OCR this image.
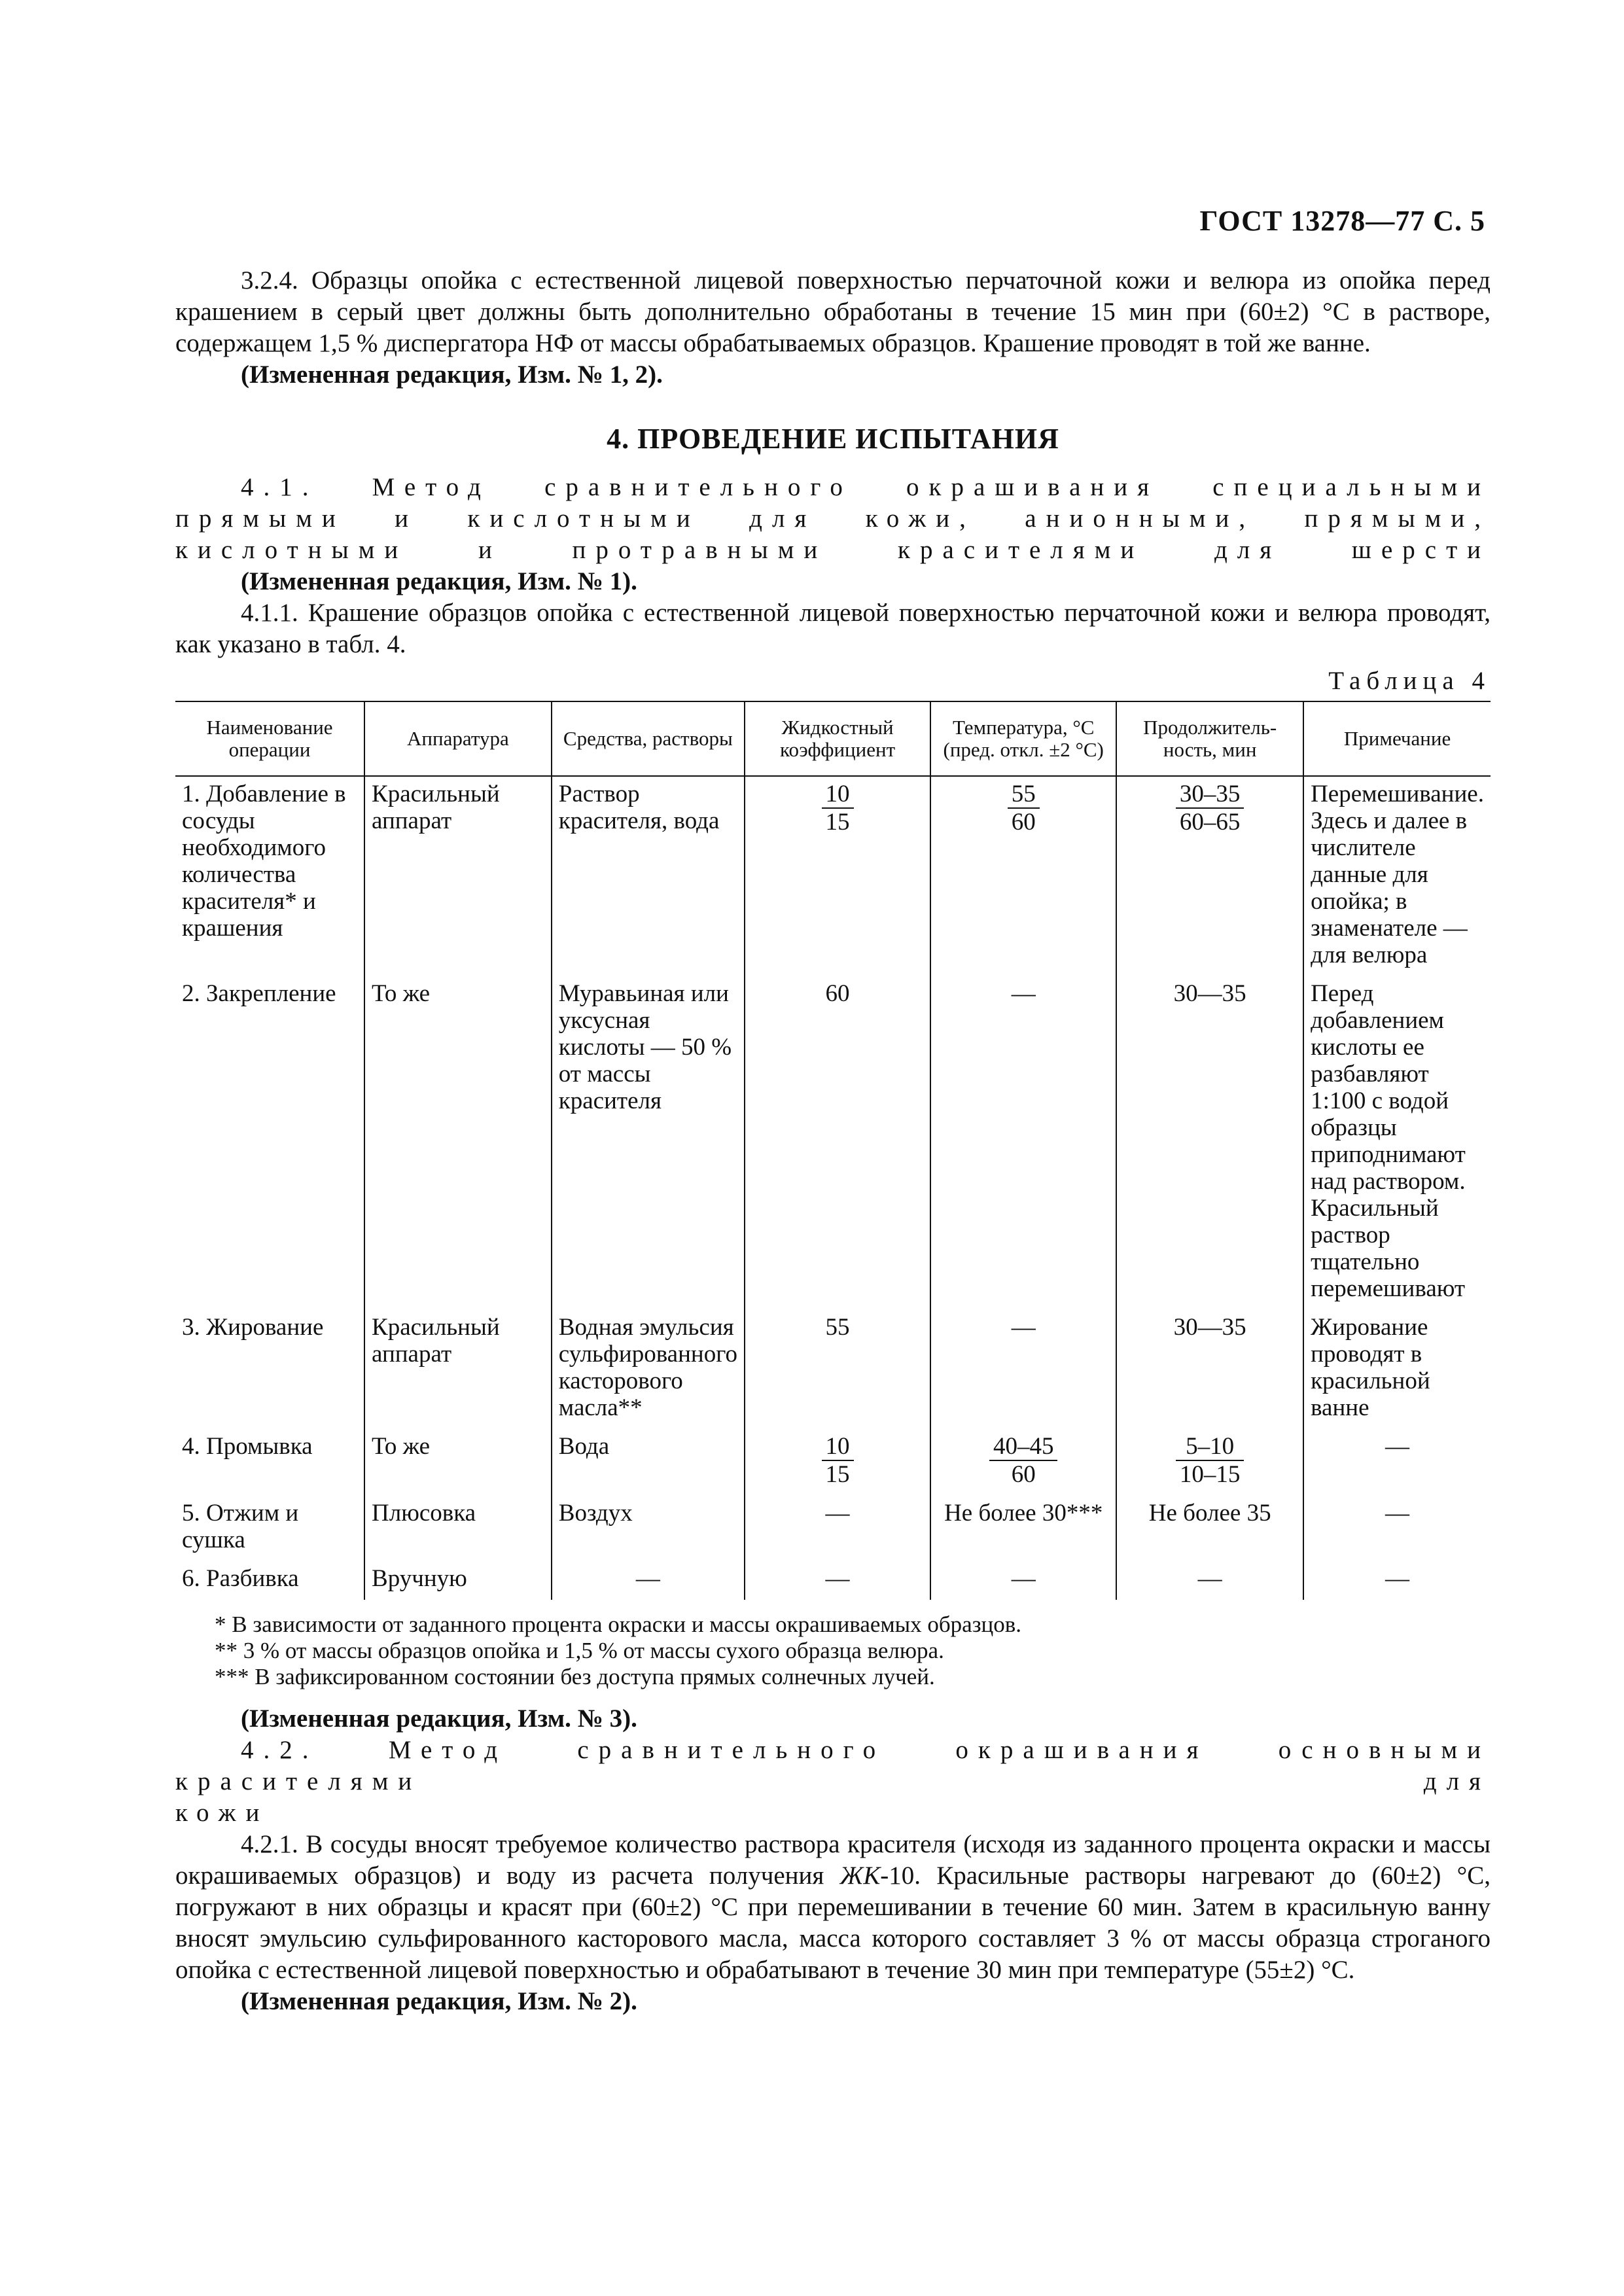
ГОСТ 13278—77 С. 5

3.2.4. Образцы опойка с естественной лицевой поверхностью перчаточной кожи и велюра из опойка перед крашением в серый цвет должны быть дополнительно обработаны в течение 15 мин при (60±2) °С в растворе, содержащем 1,5 % диспергатора НФ от массы обрабатываемых образцов. Крашение проводят в той же ванне.

(Измененная редакция, Изм. № 1, 2).

4. ПРОВЕДЕНИЕ ИСПЫТАНИЯ

4.1. Метод сравнительного окрашивания специальными

прямыми и кислотными для кожи, анионными, прямыми,

кислотными и протравными красителями для шерсти

(Измененная редакция, Изм. № 1).

4.1.1. Крашение образцов опойка с естественной лицевой поверхностью перчаточной кожи и велюра проводят, как указано в табл. 4.

Таблица 4
Наименование операции	Аппаратура	Средства, растворы	Жидкостный коэффициент	Температура, °С (пред. откл. ±2 °С)	Продолжитель-ность, мин	Примечание
1. Добавление в сосуды необходимого количества красителя* и крашения	Красильный аппарат	Раствор красителя, вода	$\frac{10}{15}$	$\frac{55}{60}$	$\frac{30-35}{60-65}$	Перемешивание. Здесь и далее в числителе данные для опойка; в знаменателе — для велюра
2. Закрепление	То же	Муравьиная или уксусная кислоты — 50 % от массы красителя	60	—	30—35	Перед добавлением кислоты ее разбавляют 1:100 с водой образцы приподнимают над раствором. Красильный раствор тщательно перемешивают
3. Жирование	Красильный аппарат	Водная эмульсия сульфированного касторового масла**	55	—	30—35	Жирование проводят в красильной ванне
4. Промывка	То же	Вода	$\frac{10}{15}$	$\frac{40-45}{60}$	$\frac{5-10}{10-15}$	—
5. Отжим и сушка	Плюсовка	Воздух	—	Не более 30***	Не более 35	—
6. Разбивка	Вручную	—	—	—	—	—

* В зависимости от заданного процента окраски и массы окрашиваемых образцов.

** 3 % от массы образцов опойка и 1,5 % от массы сухого образца велюра.

*** В зафиксированном состоянии без доступа прямых солнечных лучей.

(Измененная редакция, Изм. № 3).

4.2. Метод сравнительного окрашивания основными красителями для

кожи

4.2.1. В сосуды вносят требуемое количество раствора красителя (исходя из заданного процента окраски и массы окрашиваемых образцов) и воду из расчета получения ЖК-10. Красильные растворы нагревают до (60±2) °С, погружают в них образцы и красят при (60±2) °С при перемешивании в течение 60 мин. Затем в красильную ванну вносят эмульсию сульфированного касторового масла, масса которого составляет 3 % от массы образца строганого опойка с естественной лицевой поверхностью и обрабатывают в течение 30 мин при температуре (55±2) °С.

(Измененная редакция, Изм. № 2).
